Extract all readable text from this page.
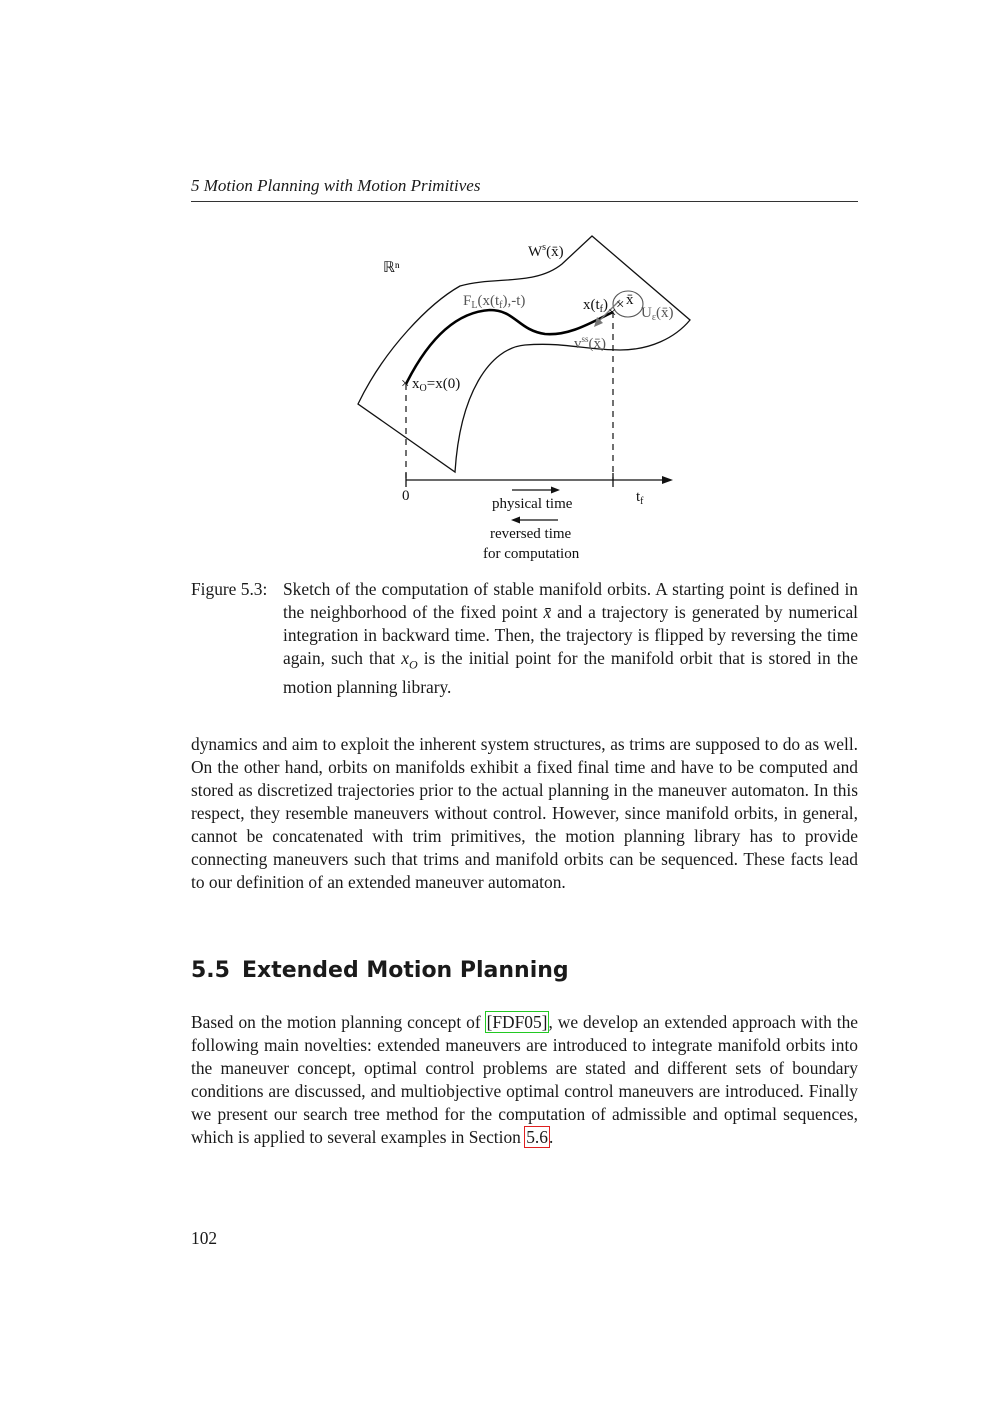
5 Motion Planning with Motion Primitives
×
× ×
ℝⁿ
$W^s(x̄)$
$F_L(x(t_f),-t)$	$x(t_f)$ x̄
$U_\varepsilon(x̄)$
$v^{ss}(x̄)$
$x_O=x(0)$
0	$t_f$
physical time
reversed time
for computation
Figure 5.3: Sketch of the computation of stable manifold orbits. A starting point is defined in the neighborhood of the fixed point x̄ and a trajectory is generated by numerical integration in backward time. Then, the trajectory is flipped by reversing the time again, such that $x_O$ is the initial point for the manifold orbit that is stored in the motion planning library.
dynamics and aim to exploit the inherent system structures, as trims are supposed to do as well. On the other hand, orbits on manifolds exhibit a fixed final time and have to be computed and stored as discretized trajectories prior to the actual planning in the maneuver automaton. In this respect, they resemble maneuvers without control. However, since manifold orbits, in general, cannot be concatenated with trim primitives, the motion planning library has to provide connecting maneuvers such that trims and manifold orbits can be sequenced. These facts lead to our definition of an extended maneuver automaton.
5.5 Extended Motion Planning
Based on the motion planning concept of [FDF05], we develop an extended approach with the following main novelties: extended maneuvers are introduced to integrate manifold orbits into the maneuver concept, optimal control problems are stated and different sets of boundary conditions are discussed, and multiobjective optimal control maneuvers are introduced. Finally we present our search tree method for the computation of admissible and optimal sequences, which is applied to several examples in Section 5.6.
102
